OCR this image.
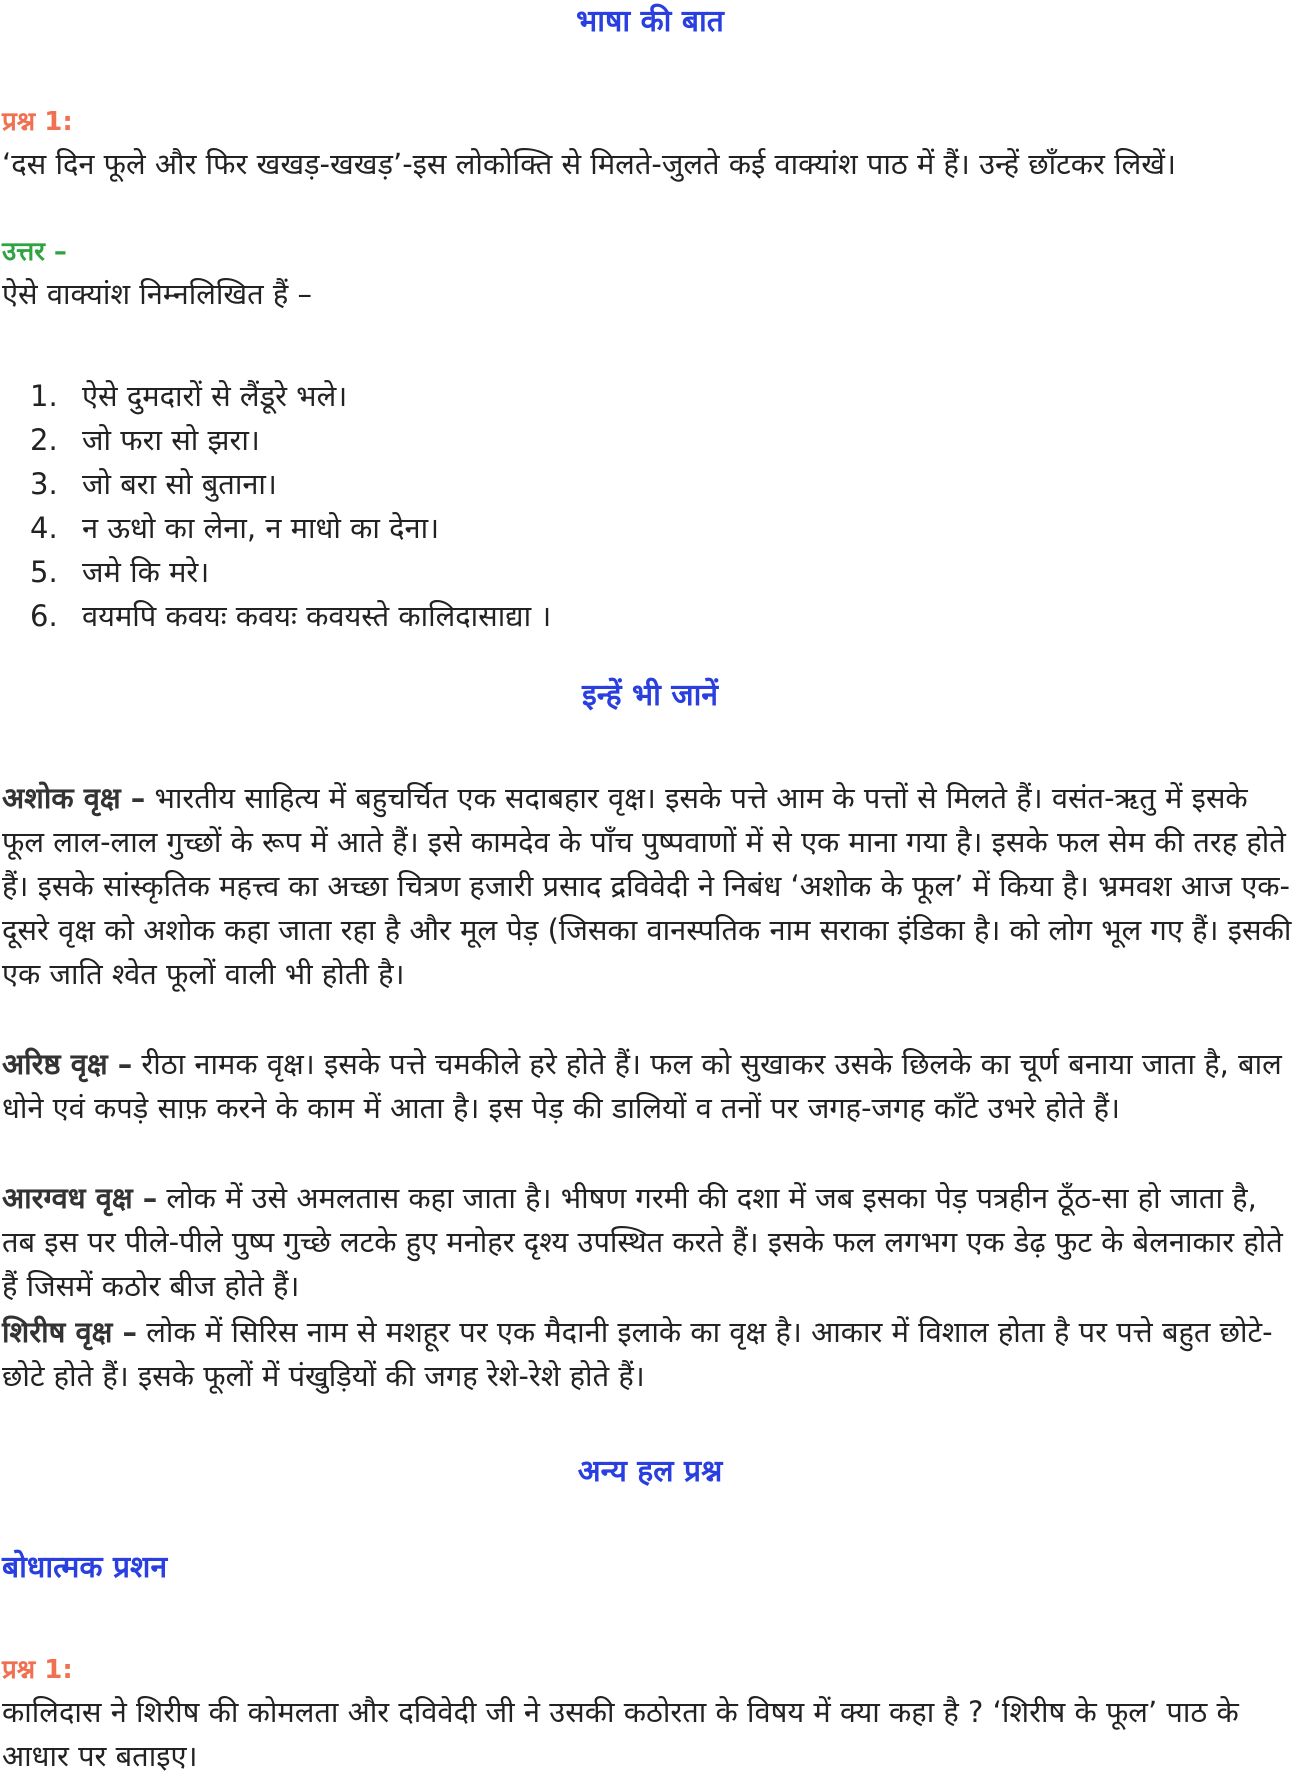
भाषा की बात
प्रश्न 1:

‘दस दिन फूले और फिर खखड़-खखड़’-इस लोकोक्ति से मिलते-जुलते कई वाक्यांश पाठ में हैं। उन्हें छाँटकर लिखें।

उत्तर –

ऐसे वाक्यांश निम्नलिखित हैं –

1. ऐसे दुमदारों से लैंडूरे भले।
2. जो फरा सो झरा।
3. जो बरा सो बुताना।
4. न ऊधो का लेना, न माधो का देना।
5. जमे कि मरे।
6. वयमपि कवयः कवयः कवयस्ते कालिदासाद्या ।
इन्हें भी जानें

अशोक वृक्ष – भारतीय साहित्य में बहुचर्चित एक सदाबहार वृक्ष। इसके पत्ते आम के पत्तों से मिलते हैं। वसंत-ऋतु में इसके फूल लाल-लाल गुच्छों के रूप में आते हैं। इसे कामदेव के पाँच पुष्पवाणों में से एक माना गया है। इसके फल सेम की तरह होते हैं। इसके सांस्कृतिक महत्त्व का अच्छा चित्रण हजारी प्रसाद द्रविवेदी ने निबंध ‘अशोक के फूल’ में किया है। भ्रमवश आज एक-दूसरे वृक्ष को अशोक कहा जाता रहा है और मूल पेड़ (जिसका वानस्पतिक नाम सराका इंडिका है। को लोग भूल गए हैं। इसकी एक जाति श्वेत फूलों वाली भी होती है।

अरिष्ठ वृक्ष – रीठा नामक वृक्ष। इसके पत्ते चमकीले हरे होते हैं। फल को सुखाकर उसके छिलके का चूर्ण बनाया जाता है, बाल धोने एवं कपड़े साफ़ करने के काम में आता है। इस पेड़ की डालियों व तनों पर जगह-जगह काँटे उभरे होते हैं।

आरग्वध वृक्ष – लोक में उसे अमलतास कहा जाता है। भीषण गरमी की दशा में जब इसका पेड़ पत्रहीन ठूँठ-सा हो जाता है, तब इस पर पीले-पीले पुष्प गुच्छे लटके हुए मनोहर दृश्य उपस्थित करते हैं। इसके फल लगभग एक डेढ़ फुट के बेलनाकार होते हैं जिसमें कठोर बीज होते हैं।

शिरीष वृक्ष – लोक में सिरिस नाम से मशहूर पर एक मैदानी इलाके का वृक्ष है। आकार में विशाल होता है पर पत्ते बहुत छोटे-छोटे होते हैं। इसके फूलों में पंखुड़ियों की जगह रेशे-रेशे होते हैं।

अन्य हल प्रश्न
बोधात्मक प्रशन
प्रश्न 1:

कालिदास ने शिरीष की कोमलता और दविवेदी जी ने उसकी कठोरता के विषय में क्या कहा है ? ‘शिरीष के फूल’ पाठ के आधार पर बताइए।
